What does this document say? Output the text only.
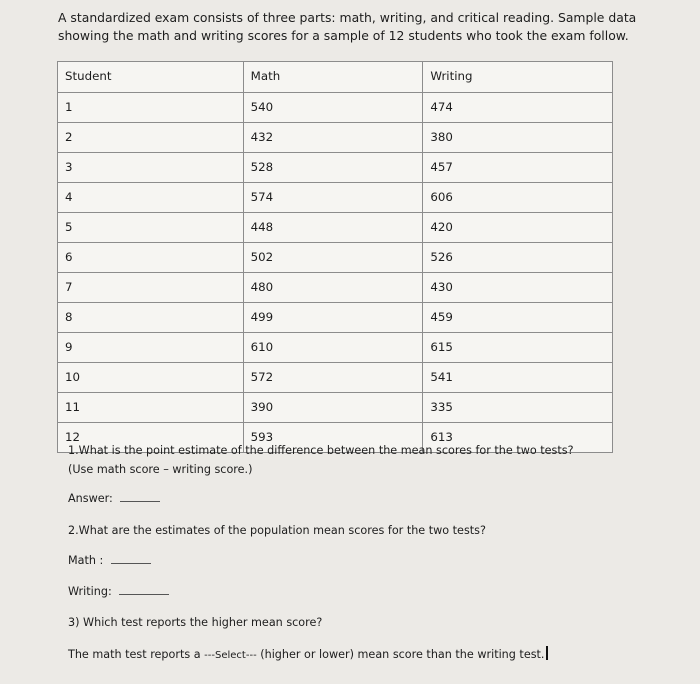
A standardized exam consists of three parts: math, writing, and critical reading. Sample data showing the math and writing scores for a sample of 12 students who took the exam follow.
Student	Math	Writing
1	540	474
2	432	380
3	528	457
4	574	606
5	448	420
6	502	526
7	480	430
8	499	459
9	610	615
10	572	541
11	390	335
12	593	613
1.What is the point estimate of the difference between the mean scores for the two tests?
(Use math score – writing score.)
Answer:
2.What are the estimates of the population mean scores for the two tests?
Math :
Writing:
3) Which test reports the higher mean score?
The math test reports a ---Select--- (higher or lower) mean score than the writing test.
